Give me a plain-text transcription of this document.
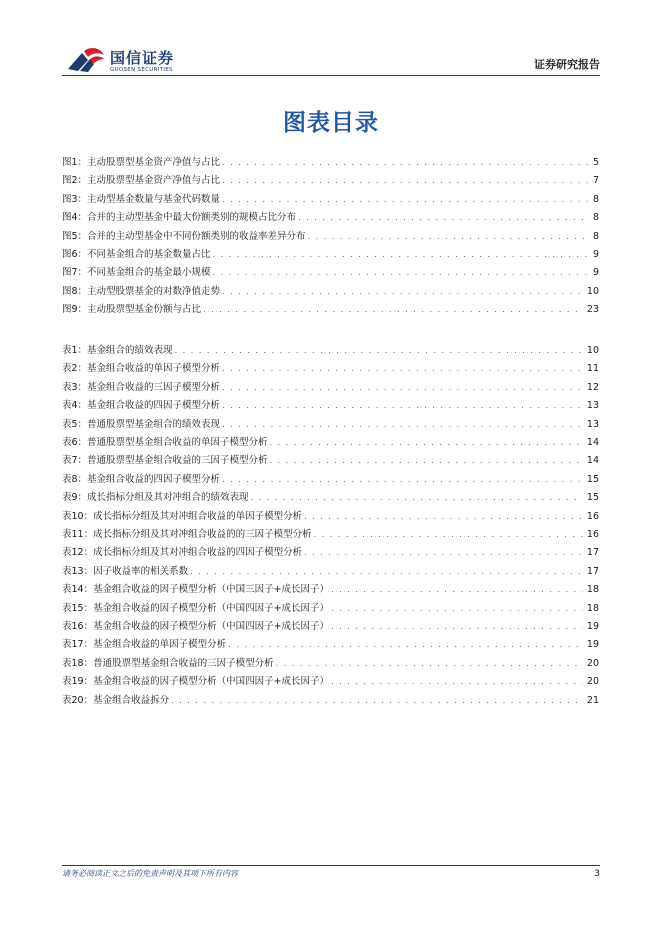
国信证券
GUOSEN SECURITIES	证券研究报告
图表目录
图1： 主动股票型基金资产净值与占比 . . .	5
图2： 主动股票型基金资产净值与占比 . . .	7
图3： 主动型基金数量与基金代码数量 . . .	8
图4： 合并的主动型基金中最大份额类别的规模占比分布 . . .	8
图5： 合并的主动型基金中不同份额类别的收益率差异分布 . . .	8
图6： 不同基金组合的基金数量占比 . . .	9
图7： 不同基金组合的基金最小规模 . . .	9
图8： 主动型股票基金的对数净值走势 . . .	10
图9： 主动股票型基金份额与占比 . . .	23
表1： 基金组合的绩效表现 . . .	10
表2： 基金组合收益的单因子模型分析 . . .	11
表3： 基金组合收益的三因子模型分析 . . .	12
表4： 基金组合收益的四因子模型分析 . . .	13
表5： 普通股票型基金组合的绩效表现 . . .	13
表6： 普通股票型基金组合收益的单因子模型分析 . . .	14
表7： 普通股票型基金组合收益的三因子模型分析 . . .	14
表8： 基金组合收益的四因子模型分析 . . .	15
表9： 成长指标分组及其对冲组合的绩效表现 . . .	15
表10： 成长指标分组及其对冲组合收益的单因子模型分析 . . .	16
表11： 成长指标分组及其对冲组合收益的的三因子模型分析 . . .	16
表12： 成长指标分组及其对冲组合收益的四因子模型分析 . . .	17
表13： 因子收益率的相关系数 . . .	17
表14： 基金组合收益的因子模型分析（中国三因子+成长因子） . . .	18
表15： 基金组合收益的因子模型分析（中国四因子+成长因子） . . .	18
表16： 基金组合收益的因子模型分析（中国四因子+成长因子） . . .	19
表17： 基金组合收益的单因子模型分析 . . .	19
表18： 普通股票型基金组合收益的三因子模型分析 . . .	20
表19： 基金组合收益的因子模型分析（中国四因子+成长因子） . . .	20
表20： 基金组合收益拆分 . . .	21
请务必阅读正文之后的免责声明及其项下所有内容	3
